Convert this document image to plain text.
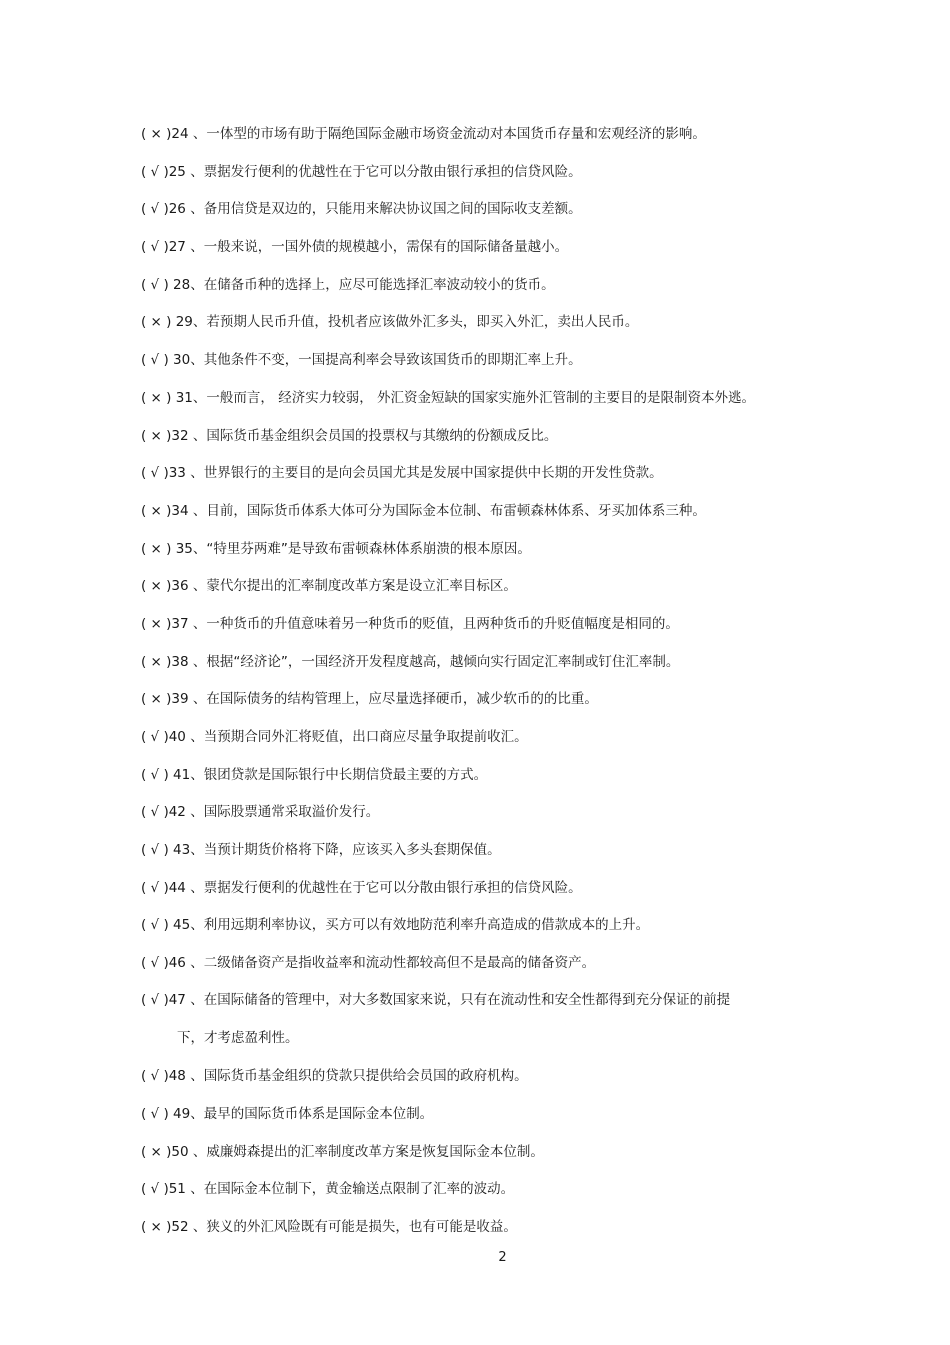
( × )24 、一体型的市场有助于隔绝国际金融市场资金流动对本国货币存量和宏观经济的影响。
( √ )25 、票据发行便利的优越性在于它可以分散由银行承担的信贷风险。
( √ )26 、备用信贷是双边的，只能用来解决协议国之间的国际收支差额。
( √ )27 、一般来说，一国外债的规模越小，需保有的国际储备量越小。
( √ ) 28、在储备币种的选择上，应尽可能选择汇率波动较小的货币。
( × ) 29、若预期人民币升值，投机者应该做外汇多头，即买入外汇，卖出人民币。
( √ ) 30、其他条件不变，一国提高利率会导致该国货币的即期汇率上升。
( × ) 31、一般而言， 经济实力较弱， 外汇资金短缺的国家实施外汇管制的主要目的是限制资本外逃。
( × )32 、国际货币基金组织会员国的投票权与其缴纳的份额成反比。
( √ )33 、世界银行的主要目的是向会员国尤其是发展中国家提供中长期的开发性贷款。
( × )34 、目前，国际货币体系大体可分为国际金本位制、布雷顿森林体系、牙买加体系三种。
( × ) 35、“特里芬两难”是导致布雷顿森林体系崩溃的根本原因。
( × )36 、蒙代尔提出的汇率制度改革方案是设立汇率目标区。
( × )37 、一种货币的升值意味着另一种货币的贬值，且两种货币的升贬值幅度是相同的。
( × )38 、根据“经济论”，一国经济开发程度越高，越倾向实行固定汇率制或钉住汇率制。
( × )39 、在国际债务的结构管理上，应尽量选择硬币，减少软币的的比重。
( √ )40 、当预期合同外汇将贬值，出口商应尽量争取提前收汇。
( √ ) 41、银团贷款是国际银行中长期信贷最主要的方式。
( √ )42 、国际股票通常采取溢价发行。
( √ ) 43、当预计期货价格将下降，应该买入多头套期保值。
( √ )44 、票据发行便利的优越性在于它可以分散由银行承担的信贷风险。
( √ ) 45、利用远期利率协议，买方可以有效地防范利率升高造成的借款成本的上升。
( √ )46 、二级储备资产是指收益率和流动性都较高但不是最高的储备资产。
( √ )47 、在国际储备的管理中，对大多数国家来说，只有在流动性和安全性都得到充分保证的前提
下，才考虑盈利性。
( √ )48 、国际货币基金组织的贷款只提供给会员国的政府机构。
( √ ) 49、最早的国际货币体系是国际金本位制。
( × )50 、威廉姆森提出的汇率制度改革方案是恢复国际金本位制。
( √ )51 、在国际金本位制下，黄金输送点限制了汇率的波动。
( × )52 、狭义的外汇风险既有可能是损失，也有可能是收益。
2
